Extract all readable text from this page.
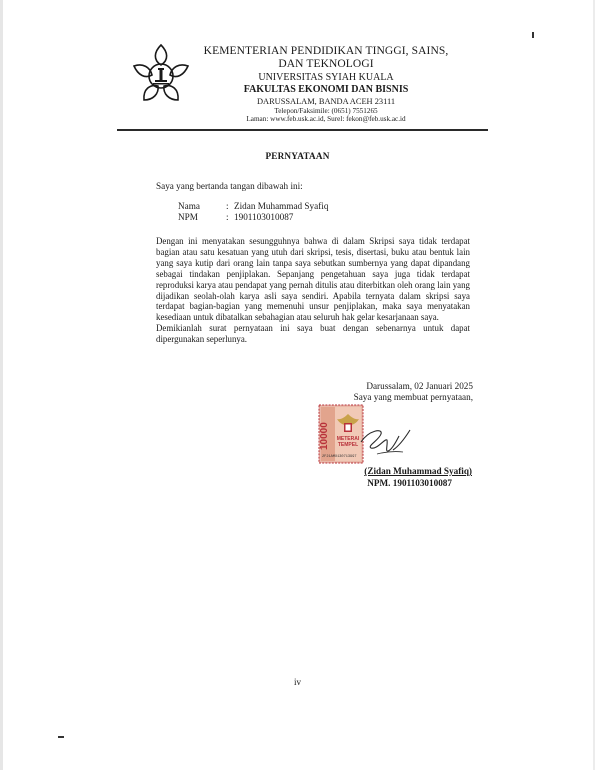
KEMENTERIAN PENDIDIKAN TINGGI, SAINS,
DAN TEKNOLOGI
UNIVERSITAS SYIAH KUALA
FAKULTAS EKONOMI DAN BISNIS
DARUSSALAM, BANDA ACEH 23111
Telepon/Faksimile: (0651) 7551265
Laman: www.feb.usk.ac.id, Surel: fekon@feb.usk.ac.id
PERNYATAAN
Saya yang bertanda tangan dibawah ini:
Nama	: Zidan Muhammad Syafiq
NPM	: 1901103010087

Dengan ini menyatakan sesungguhnya bahwa di dalam Skripsi saya tidak terdapat bagian atau satu kesatuan yang utuh dari skripsi, tesis, disertasi, buku atau bentuk lain yang saya kutip dari orang lain tanpa saya sebutkan sumbernya yang dapat dipandang sebagai tindakan penjiplakan. Sepanjang pengetahuan saya juga tidak terdapat reproduksi karya atau pendapat yang pernah ditulis atau diterbitkan oleh orang lain yang dijadikan seolah-olah karya asli saya sendiri. Apabila ternyata dalam skripsi saya terdapat bagian-bagian yang memenuhi unsur penjiplakan, maka saya menyatakan kesediaan untuk dibatalkan sebahagian atau seluruh hak gelar kesarjanaan saya.

Demikianlah surat pernyataan ini saya buat dengan sebenarnya untuk dapat dipergunakan seperlunya.

Darussalam, 02 Januari 2025
Saya yang membuat pernyataan,
10000 METERAI
TEMPEL
2F21AMX130713997
(Zidan Muhammad Syafiq)
NPM. 1901103010087
iv
